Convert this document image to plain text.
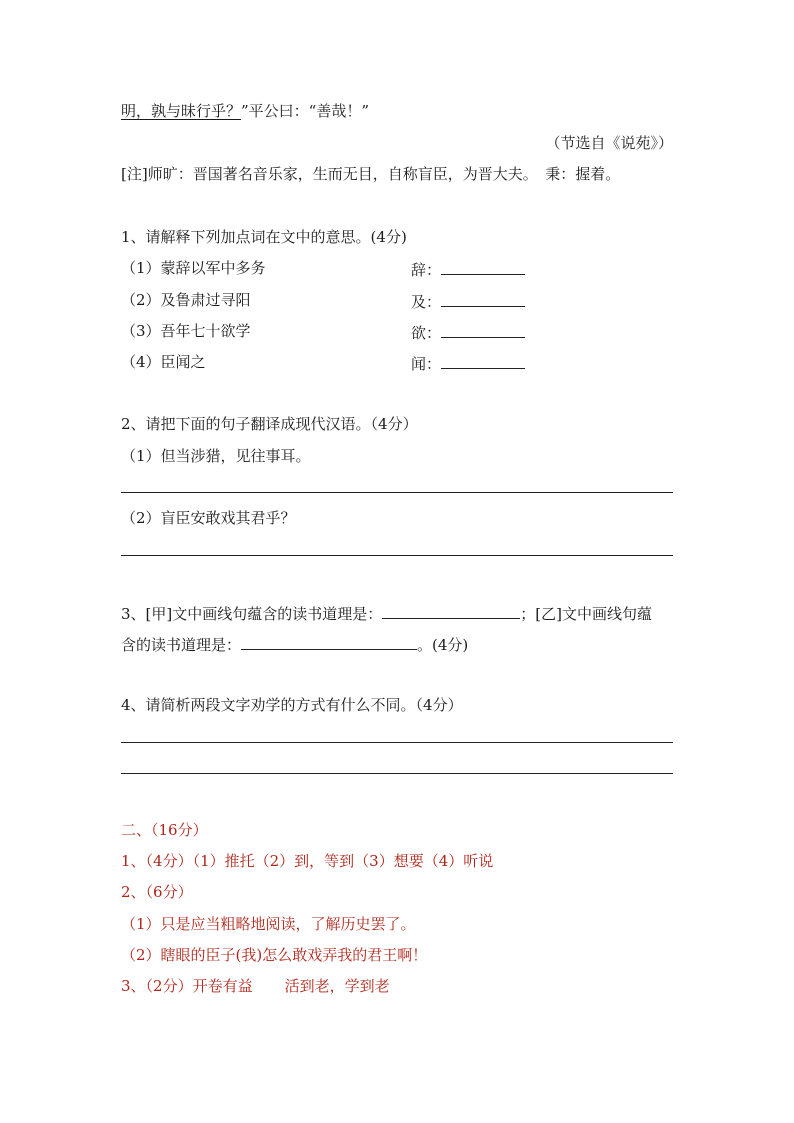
明，孰与昧行乎？”平公曰：“善哉！”
（节选自《说苑》）
[注]师旷：晋国著名音乐家，生而无目，自称盲臣，为晋大夫。　秉：握着。
1、请解释下列加点词在文中的意思。(4分)
（1）蒙辞以军中多务	辞：
（2）及鲁肃过寻阳	及：
（3）吾年七十欲学	欲：
（4）臣闻之	闻：
2、请把下面的句子翻译成现代汉语。（4分）
（1）但当涉猎，见往事耳。
（2）盲臣安敢戏其君乎？
3、[甲]文中画线句蕴含的读书道理是：	；[乙]文中画线句蕴
含的读书道理是：	。(4分)
4、请简析两段文字劝学的方式有什么不同。（4分）
二、（16分）
1、（4分）（1）推托（2）到，等到（3）想要（4）听说
2、（6分）
（1）只是应当粗略地阅读，了解历史罢了。
（2）瞎眼的臣子(我)怎么敢戏弄我的君王啊！
3、（2分）开卷有益 活到老，学到老
